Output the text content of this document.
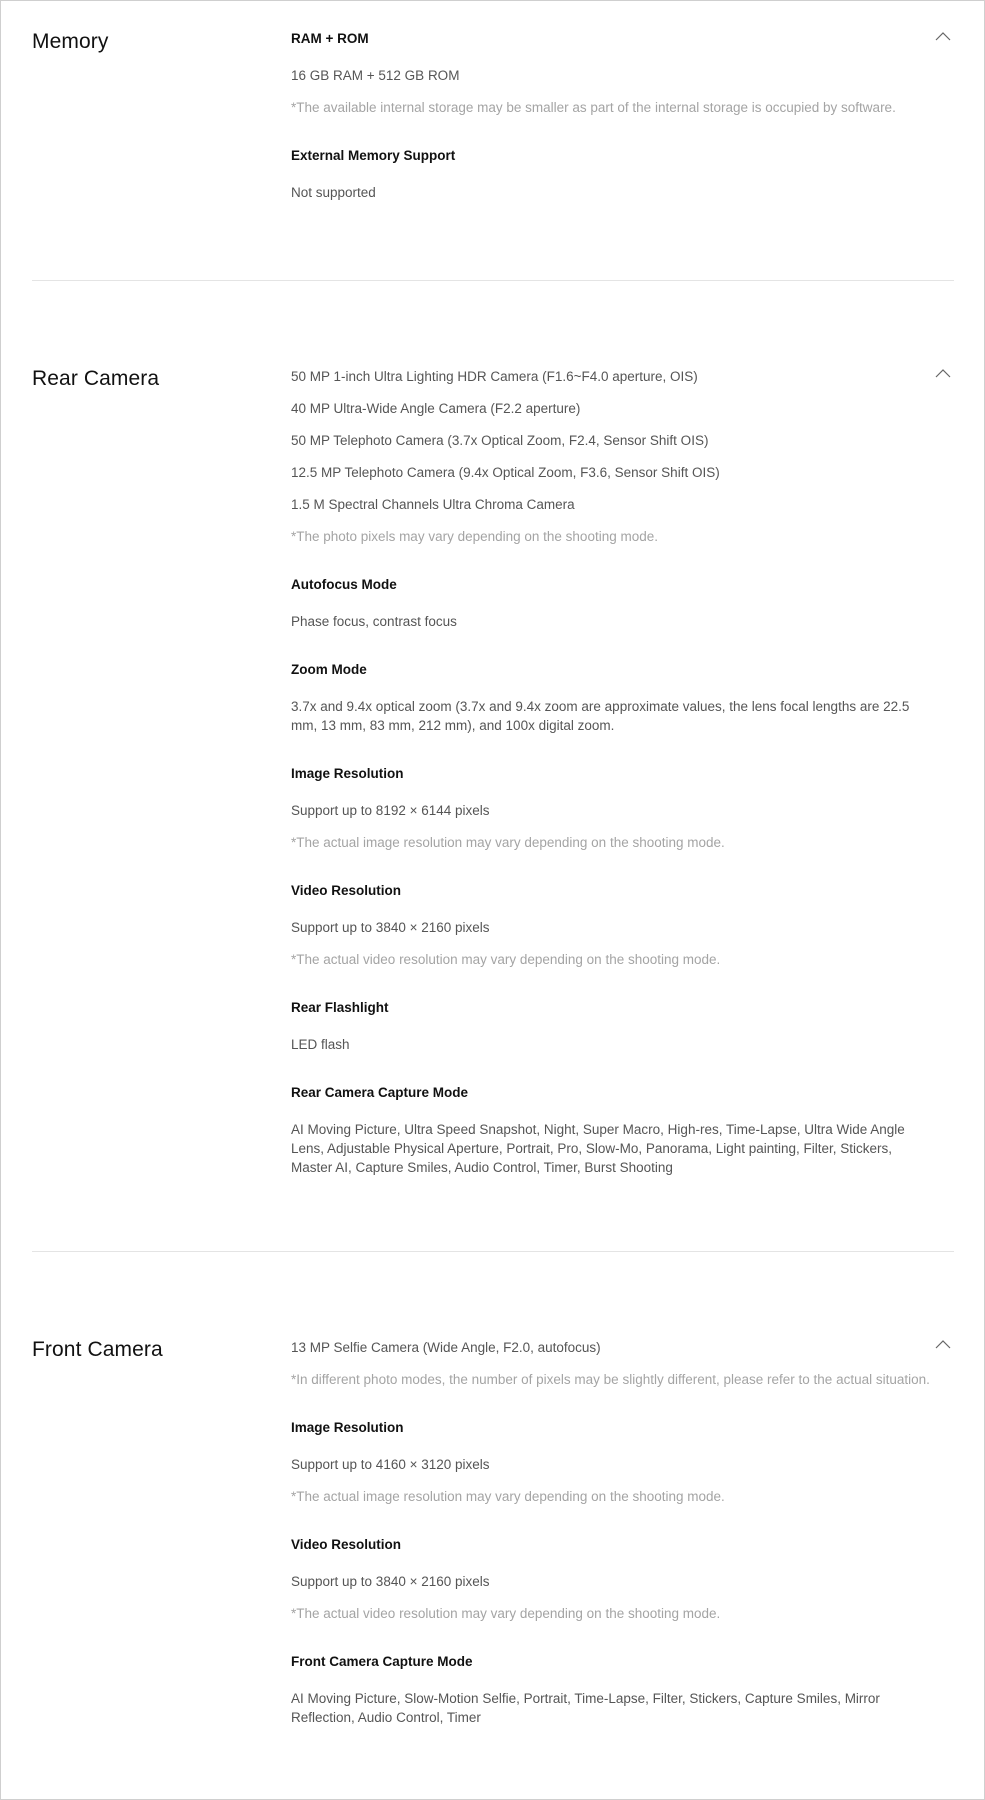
Memory	RAM + ROM
16 GB RAM + 512 GB ROM
*The available internal storage may be smaller as part of the internal storage is occupied by software.
External Memory Support
Not supported
Rear Camera	50 MP 1-inch Ultra Lighting HDR Camera (F1.6~F4.0 aperture, OIS)
40 MP Ultra-Wide Angle Camera (F2.2 aperture)
50 MP Telephoto Camera (3.7x Optical Zoom, F2.4, Sensor Shift OIS)
12.5 MP Telephoto Camera (9.4x Optical Zoom, F3.6, Sensor Shift OIS)
1.5 M Spectral Channels Ultra Chroma Camera
*The photo pixels may vary depending on the shooting mode.
Autofocus Mode
Phase focus, contrast focus
Zoom Mode
3.7x and 9.4x optical zoom (3.7x and 9.4x zoom are approximate values, the lens focal lengths are 22.5 mm, 13 mm, 83 mm, 212 mm), and 100x digital zoom.
Image Resolution
Support up to 8192 × 6144 pixels
*The actual image resolution may vary depending on the shooting mode.
Video Resolution
Support up to 3840 × 2160 pixels
*The actual video resolution may vary depending on the shooting mode.
Rear Flashlight
LED flash
Rear Camera Capture Mode
AI Moving Picture, Ultra Speed Snapshot, Night, Super Macro, High-res, Time-Lapse, Ultra Wide Angle Lens, Adjustable Physical Aperture, Portrait, Pro, Slow-Mo, Panorama, Light painting, Filter, Stickers, Master AI, Capture Smiles, Audio Control, Timer, Burst Shooting
Front Camera	13 MP Selfie Camera (Wide Angle, F2.0, autofocus)
*In different photo modes, the number of pixels may be slightly different, please refer to the actual situation.
Image Resolution
Support up to 4160 × 3120 pixels
*The actual image resolution may vary depending on the shooting mode.
Video Resolution
Support up to 3840 × 2160 pixels
*The actual video resolution may vary depending on the shooting mode.
Front Camera Capture Mode
AI Moving Picture, Slow-Motion Selfie, Portrait, Time-Lapse, Filter, Stickers, Capture Smiles, Mirror Reflection, Audio Control, Timer
